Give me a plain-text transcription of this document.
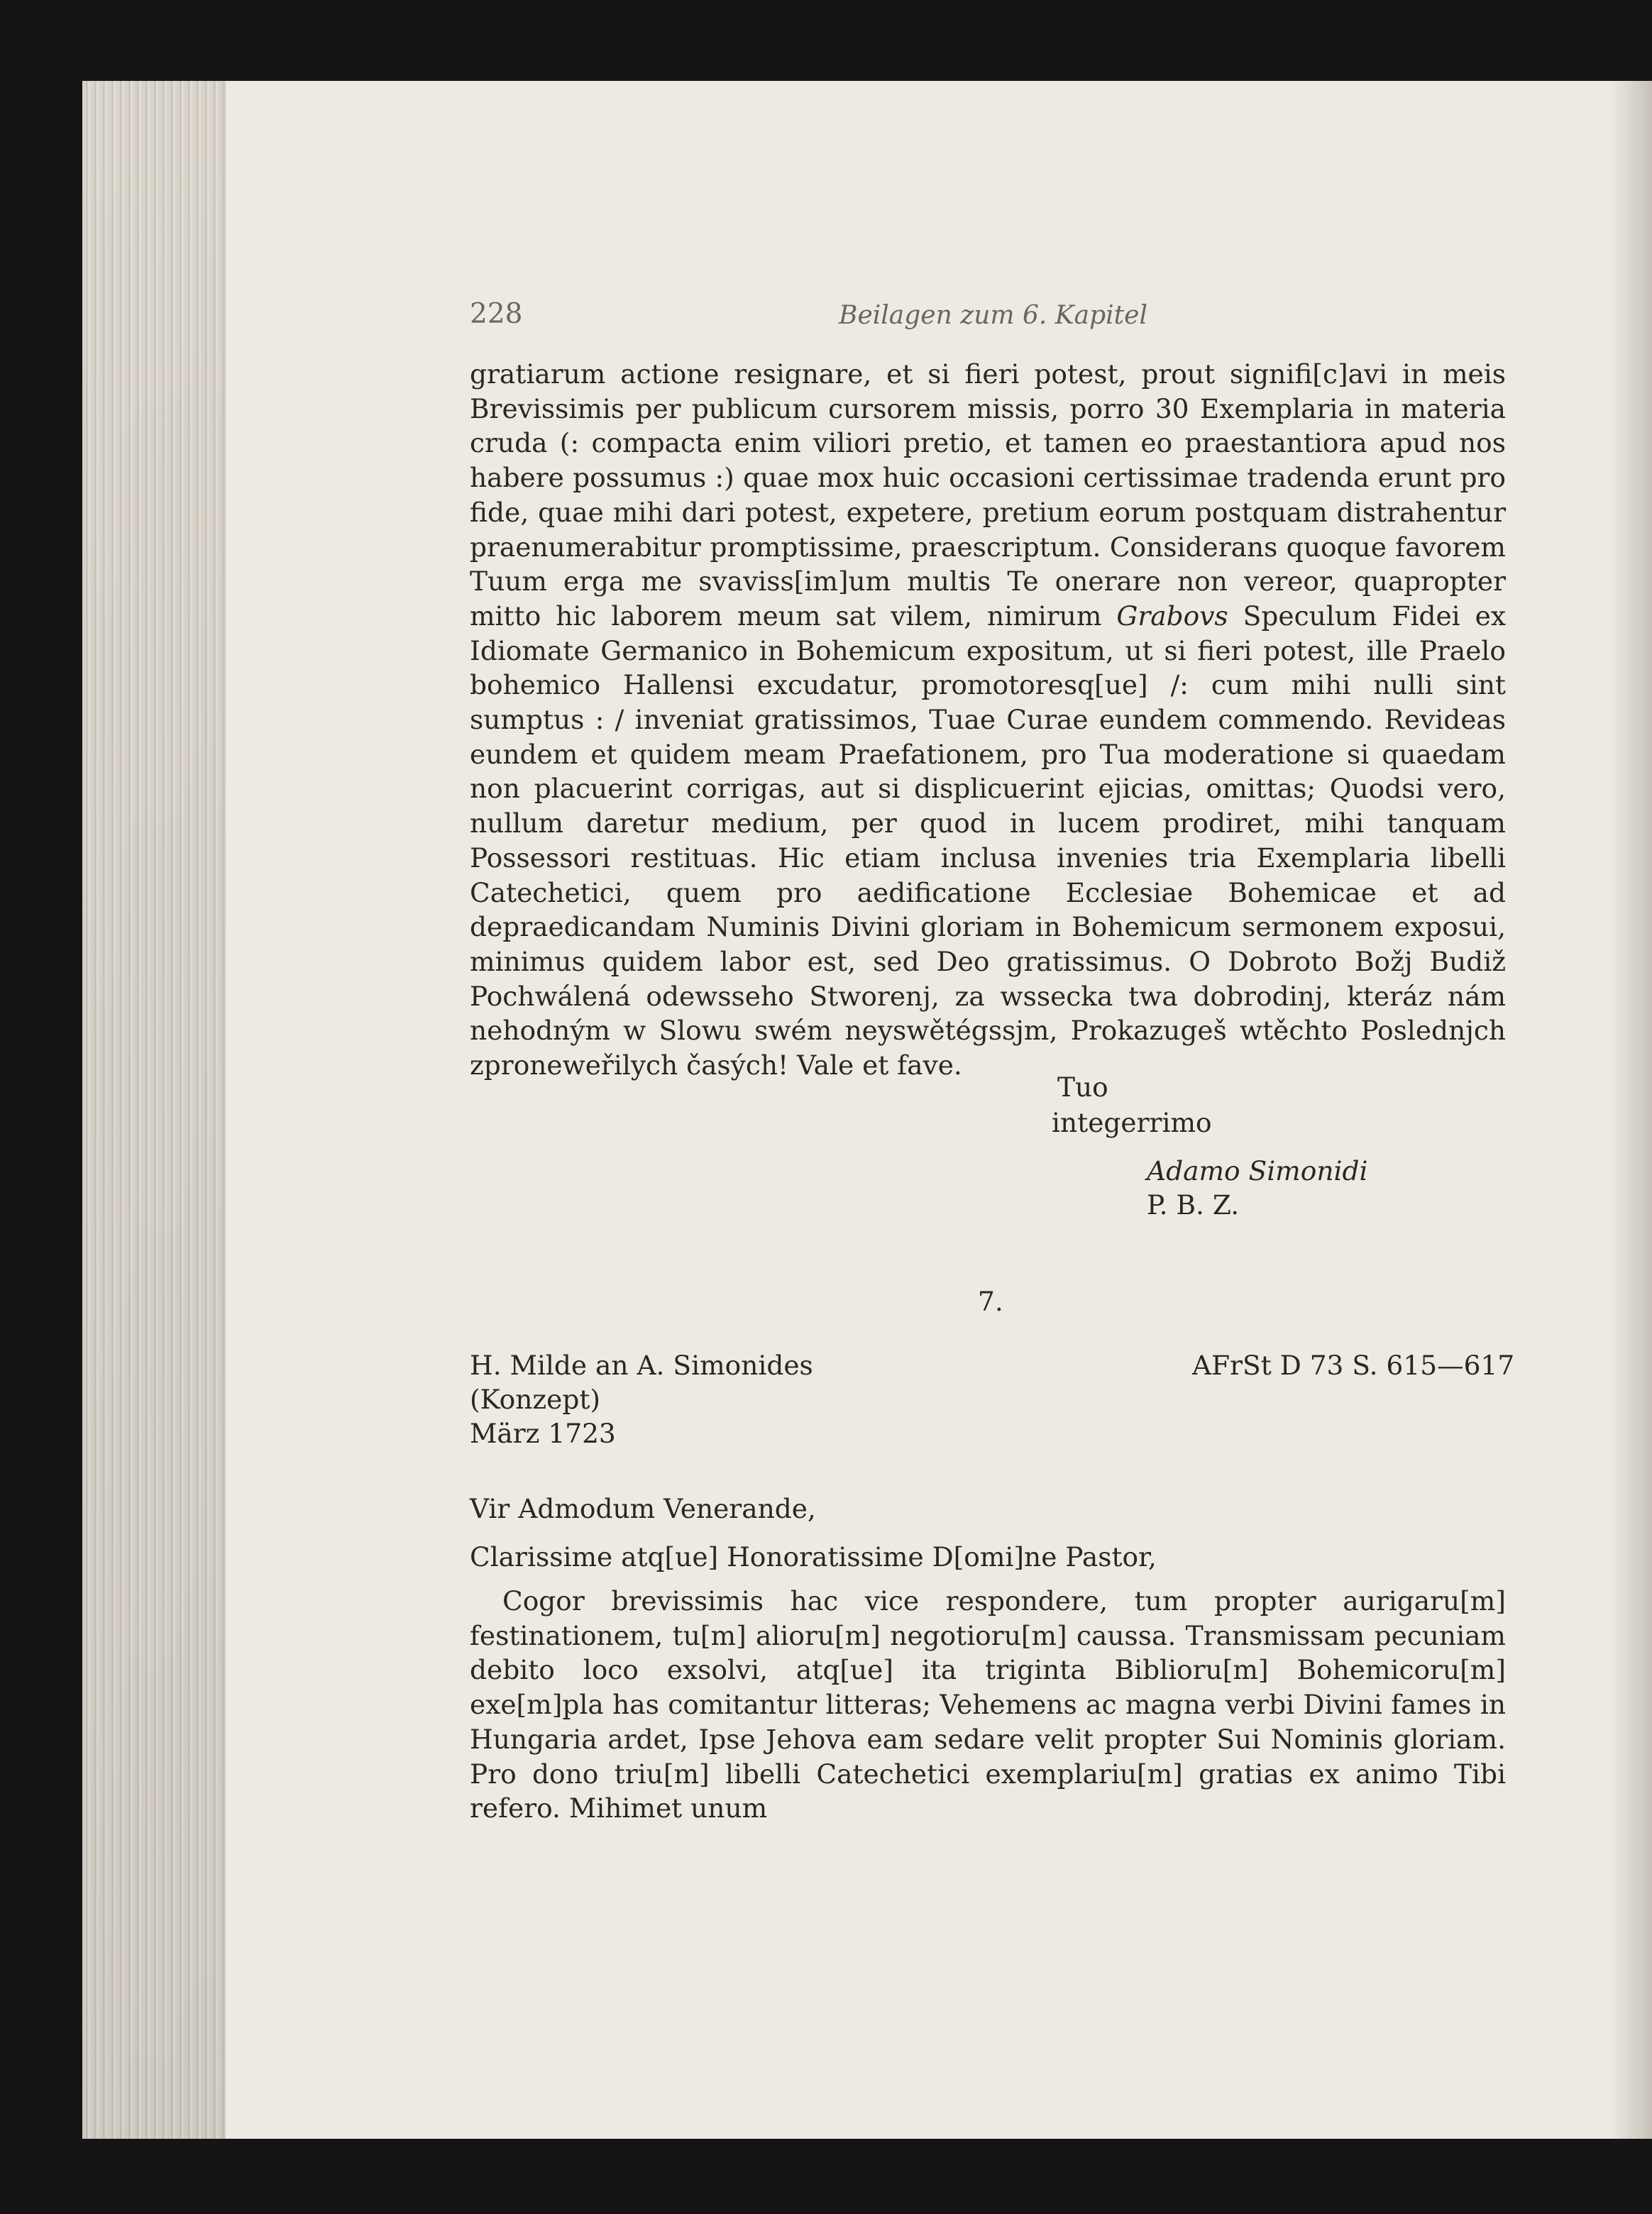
228	Beilagen zum 6. Kapitel

gratiarum actione resignare, et si fieri potest, prout signifi[c]avi in meis Brevissimis per publicum cursorem missis, porro 30 Exemplaria in materia cruda (: compacta enim viliori pretio, et tamen eo praestantiora apud nos habere possumus :) quae mox huic occasioni certissimae tradenda erunt pro fide, quae mihi dari potest, expetere, pretium eorum postquam distrahentur praenumerabitur promptissime, praescriptum. Considerans quoque favorem Tuum erga me svaviss[im]um multis Te onerare non vereor, quapropter mitto hic laborem meum sat vilem, nimirum Grabovs Speculum Fidei ex Idiomate Germanico in Bohemicum expositum, ut si fieri potest, ille Praelo bohemico Hallensi excudatur, promotoresq[ue] /: cum mihi nulli sint sumptus : / inveniat gratissimos, Tuae Curae eundem commendo. Revideas eundem et quidem meam Praefationem, pro Tua moderatione si quaedam non placuerint corrigas, aut si displicuerint ejicias, omittas; Quodsi vero, nullum daretur medium, per quod in lucem prodiret, mihi tanquam Possessori restituas. Hic etiam inclusa invenies tria Exemplaria libelli Catechetici, quem pro aedificatione Ecclesiae Bohemicae et ad depraedicandam Numinis Divini gloriam in Bohemicum sermonem exposui, minimus quidem labor est, sed Deo gratissimus. O Dobroto Božj Budiž Pochwálená odewsseho Stworenj, za wssecka twa dobrodinj, kteráz nám nehodným w Slowu swém neyswětégssjm, Prokazugeš wtěchto Poslednjch zproneweřilych časých! Vale et fave.

Tuo

integerrimo

Adamo Simonidi

P. B. Z.

7.

H. Milde an A. Simonides
(Konzept)
März 1723
AFrSt D 73 S. 615—617

Vir Admodum Venerande,

Clarissime atq[ue] Honoratissime D[omi]ne Pastor,

Cogor brevissimis hac vice respondere, tum propter aurigaru[m] festinationem, tu[m] alioru[m] negotioru[m] caussa. Transmissam pecuniam debito loco exsolvi, atq[ue] ita triginta Biblioru[m] Bohemicoru[m] exe[m]pla has comitantur litteras; Vehemens ac magna verbi Divini fames in Hungaria ardet, Ipse Jehova eam sedare velit propter Sui Nominis gloriam. Pro dono triu[m] libelli Catechetici exemplariu[m] gratias ex animo Tibi refero. Mihimet unum
